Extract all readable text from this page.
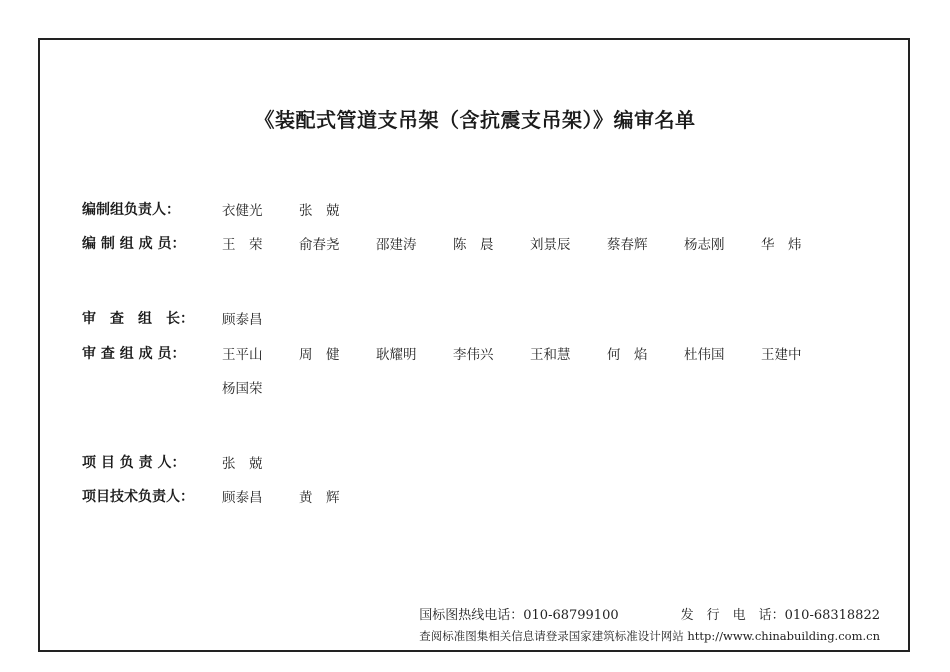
《装配式管道支吊架（含抗震支吊架）》编审名单
编制组负责人：	衣健光	张　兢
编 制 组 成 员：	王　荣	俞春尧	邵建涛	陈　晨	刘景辰	蔡春辉	杨志刚	华　炜
审　查　组　长：	顾泰昌
审 查 组 成 员：	王平山	周　健	耿耀明	李伟兴	王和慧	何　焰	杜伟国	王建中
杨国荣
项 目 负 责 人：	张　兢
项目技术负责人：	顾泰昌	黄　辉
国标图热线电话：010-68799100	发　行　电　话：010-68318822
查阅标准图集相关信息请登录国家建筑标准设计网站 http://www.chinabuilding.com.cn
